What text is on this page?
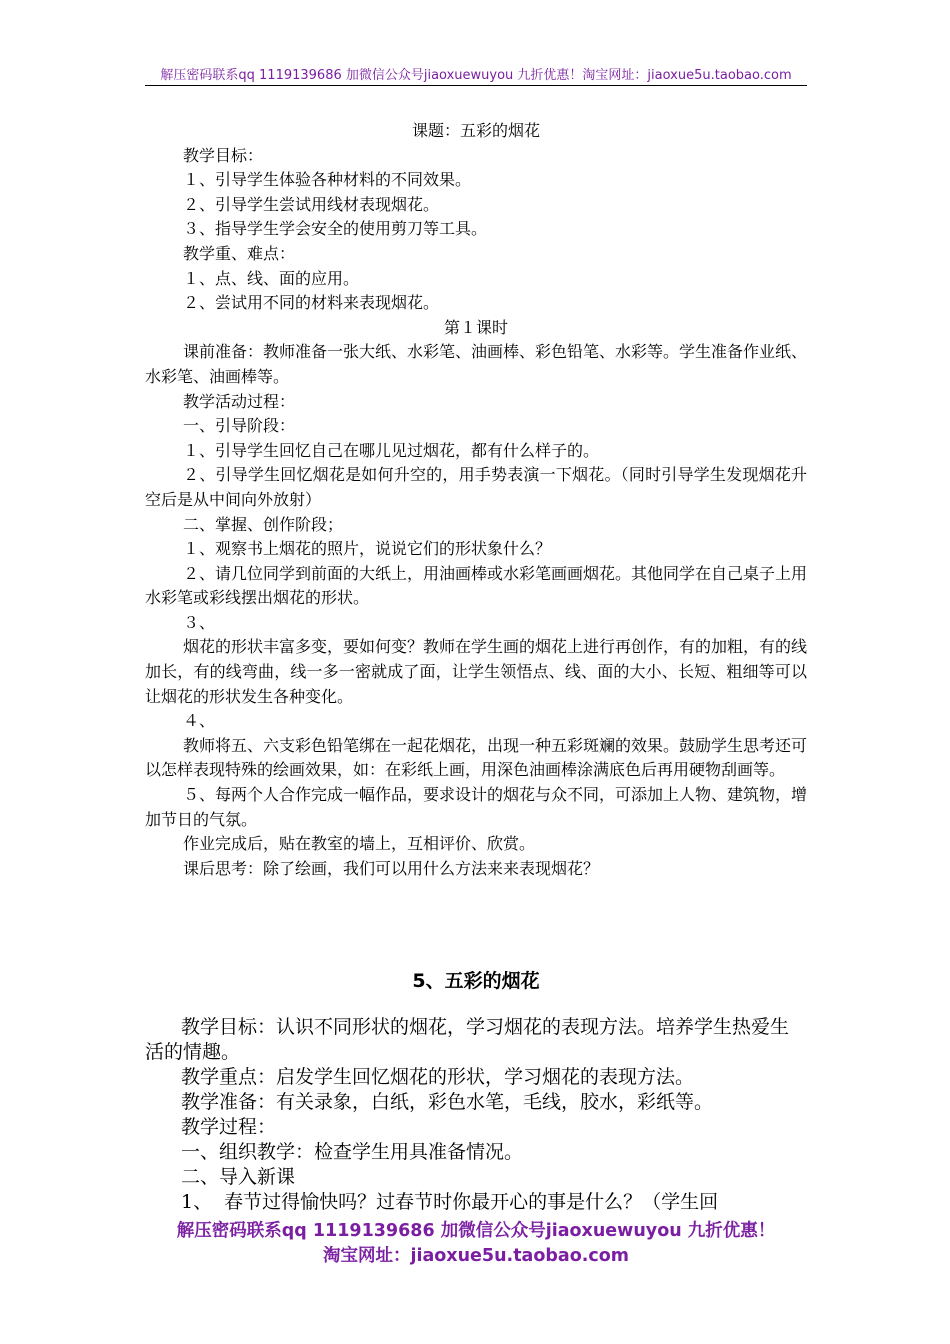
解压密码联系qq 1119139686 加微信公众号jiaoxuewuyou 九折优惠！淘宝网址：jiaoxue5u.taobao.com

课题：五彩的烟花

教学目标：

１、引导学生体验各种材料的不同效果。

２、引导学生尝试用线材表现烟花。

３、指导学生学会安全的使用剪刀等工具。

教学重、难点：

１、点、线、面的应用。

２、尝试用不同的材料来表现烟花。

第１课时

课前准备：教师准备一张大纸、水彩笔、油画棒、彩色铅笔、水彩等。学生准备作业纸、水彩笔、油画棒等。

教学活动过程：

一、引导阶段：

１、引导学生回忆自己在哪儿见过烟花，都有什么样子的。

２、引导学生回忆烟花是如何升空的，用手势表演一下烟花。（同时引导学生发现烟花升空后是从中间向外放射）

二、掌握、创作阶段；

１、观察书上烟花的照片，说说它们的形状象什么？

２、请几位同学到前面的大纸上，用油画棒或水彩笔画画烟花。其他同学在自己桌子上用水彩笔或彩线摆出烟花的形状。

３、

烟花的形状丰富多变，要如何变？教师在学生画的烟花上进行再创作，有的加粗，有的线加长，有的线弯曲，线一多一密就成了面，让学生领悟点、线、面的大小、长短、粗细等可以让烟花的形状发生各种变化。

４、

教师将五、六支彩色铅笔绑在一起花烟花，出现一种五彩斑斓的效果。鼓励学生思考还可以怎样表现特殊的绘画效果，如：在彩纸上画，用深色油画棒涂满底色后再用硬物刮画等。

５、每两个人合作完成一幅作品，要求设计的烟花与众不同，可添加上人物、建筑物，增加节日的气氛。

作业完成后，贴在教室的墙上，互相评价、欣赏。

课后思考：除了绘画，我们可以用什么方法来来表现烟花？

5、五彩的烟花

教学目标：认识不同形状的烟花，学习烟花的表现方法。培养学生热爱生活的情趣。

教学重点：启发学生回忆烟花的形状，学习烟花的表现方法。

教学准备：有关录象，白纸，彩色水笔，毛线，胶水，彩纸等。

教学过程：

一、组织教学：检查学生用具准备情况。

二、导入新课

1、  春节过得愉快吗？过春节时你最开心的事是什么？（学生回

解压密码联系qq 1119139686 加微信公众号jiaoxuewuyou 九折优惠！
淘宝网址：jiaoxue5u.taobao.com
